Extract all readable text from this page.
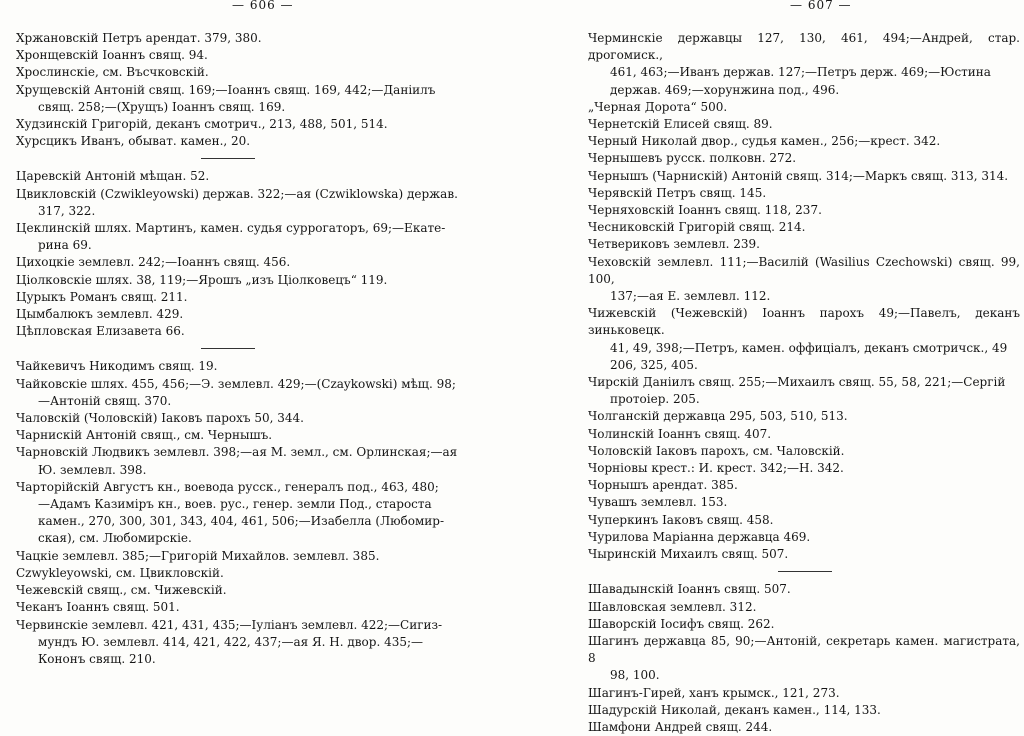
— 606 —
Хржановскій Петръ арендат. 379, 380.
Хронщевскій Іоаннъ свящ. 94.
Хрослинскіе, см. Въсчковскій.
Хрущевскій Антоній свящ. 169;—Іоаннъ свящ. 169, 442;—Даніилъ
свящ. 258;—(Хрущъ) Іоаннъ свящ. 169.
Худзинскій Григорій, деканъ смотрич., 213, 488, 501, 514.
Хурсцикъ Иванъ, обыват. камен., 20.
Царевскій Антоній мѣщан. 52.
Цвикловскій (Czwikleyowski) держав. 322;—ая (Czwiklowska) держав.
317, 322.
Цеклинскій шлях. Мартинъ, камен. судья суррогаторъ, 69;—Екате-
рина 69.
Цихоцкіе землевл. 242;—Іоаннъ свящ. 456.
Ціолковскіе шлях. 38, 119;—Ярошъ „изъ Ціолковецъ“ 119.
Цурыкъ Романъ свящ. 211.
Цымбалюкъ землевл. 429.
Цѣпловская Елизавета 66.
Чайкевичъ Никодимъ свящ. 19.
Чайковскіе шлях. 455, 456;—Э. землевл. 429;—(Czaykowski) мѣщ. 98;
—Антоній свящ. 370.
Чаловскій (Чоловскій) Іаковъ парохъ 50, 344.
Чарнискій Антоній свящ., см. Чернышъ.
Чарновскій Людвикъ землевл. 398;—ая М. земл., см. Орлинская;—ая
Ю. землевл. 398.
Чарторійскій Августъ кн., воевода русск., генералъ под., 463, 480;
—Адамъ Казиміръ кн., воев. рус., генер. земли Под., староста
камен., 270, 300, 301, 343, 404, 461, 506;—Изабелла (Любомир-
ская), см. Любомирскіе.
Чацкіе землевл. 385;—Григорій Михайлов. землевл. 385.
Czwykleyowski, см. Цвикловскій.
Чежевскій свящ., см. Чижевскій.
Чеканъ Іоаннъ свящ. 501.
Червинскіе землевл. 421, 431, 435;—Іуліанъ землевл. 422;—Сигиз-
мундъ Ю. землевл. 414, 421, 422, 437;—ая Я. Н. двор. 435;—
Кононъ свящ. 210.
— 607 —
Черминскіе державцы 127, 130, 461, 494;—Андрей, стар. дрогомиск.,
461, 463;—Иванъ держав. 127;—Петръ держ. 469;—Юстина
держав. 469;—хорунжина под., 496.
„Черная Дорота“ 500.
Чернетскій Елисей свящ. 89.
Черный Николай двор., судья камен., 256;—крест. 342.
Чернышевъ русск. полковн. 272.
Чернышъ (Чарнискій) Антоній свящ. 314;—Маркъ свящ. 313, 314.
Черявскій Петръ свящ. 145.
Черняховскій Іоаннъ свящ. 118, 237.
Чесниковскій Григорій свящ. 214.
Четвериковъ землевл. 239.
Чеховскій землевл. 111;—Василій (Wasilius Czechowski) свящ. 99, 100,
137;—ая Е. землевл. 112.
Чижевскій (Чежевскій) Іоаннъ парохъ 49;—Павелъ, деканъ зиньковецк.
41, 49, 398;—Петръ, камен. оффиціалъ, деканъ смотричск., 49
206, 325, 405.
Чирскій Даніилъ свящ. 255;—Михаилъ свящ. 55, 58, 221;—Сергій
протоіер. 205.
Чолганскій державца 295, 503, 510, 513.
Чолинскій Іоаннъ свящ. 407.
Чоловскій Іаковъ парохъ, см. Чаловскій.
Чорніовы крест.: И. крест. 342;—Н. 342.
Чорнышъ арендат. 385.
Чувашъ землевл. 153.
Чуперкинъ Іаковъ свящ. 458.
Чурилова Маріанна державца 469.
Чыринскій Михаилъ свящ. 507.
Шавадынскій Іоаннъ свящ. 507.
Шавловская землевл. 312.
Шаворскій Іосифъ свящ. 262.
Шагинъ державца 85, 90;—Антоній, секретарь камен. магистрата, 8
98, 100.
Шагинъ-Гирей, ханъ крымск., 121, 273.
Шадурскій Николай, деканъ камен., 114, 133.
Шамфони Андрей свящ. 244.
